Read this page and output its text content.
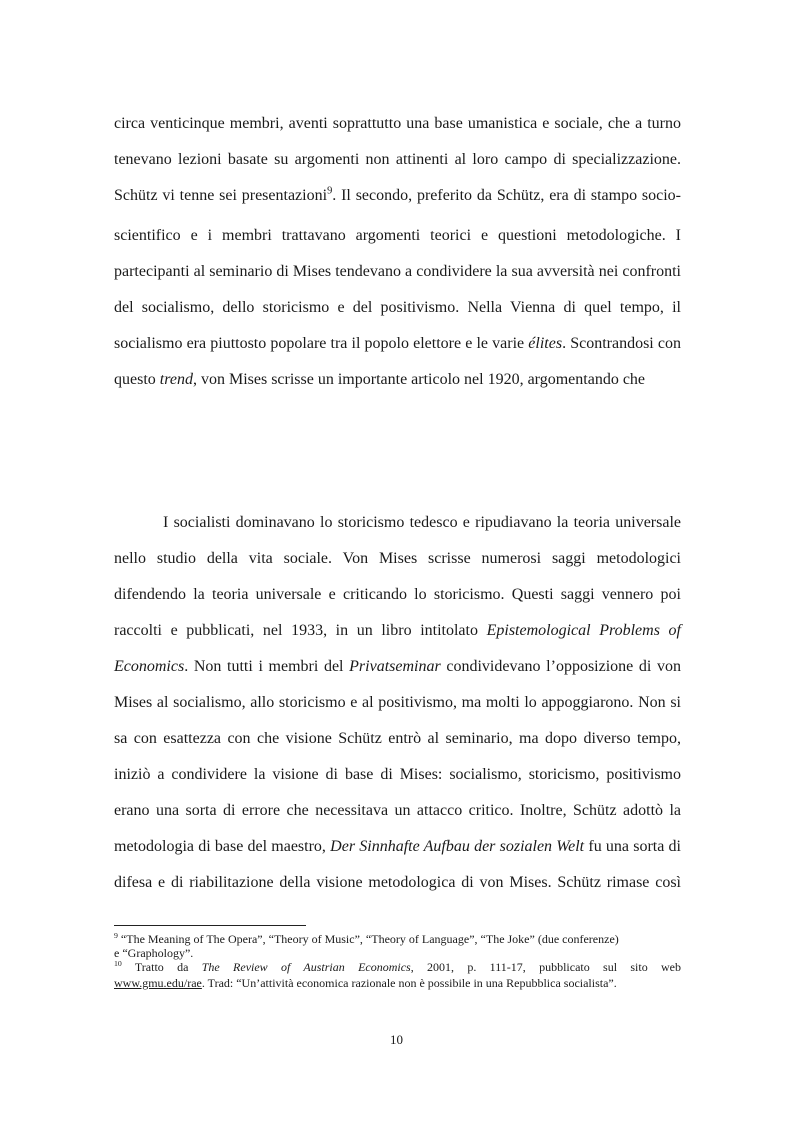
circa venticinque membri, aventi soprattutto una base umanistica e sociale, che a turno
tenevano lezioni basate su argomenti non attinenti al loro campo di specializzazione.
Schütz vi tenne sei presentazioni$^9$. Il secondo, preferito da Schütz, era di stampo socio-
scientifico e i membri trattavano argomenti teorici e questioni metodologiche. I
partecipanti al seminario di Mises tendevano a condividere la sua avversità nei confronti
del socialismo, dello storicismo e del positivismo. Nella Vienna di quel tempo, il
socialismo era piuttosto popolare tra il popolo elettore e le varie élites. Scontrandosi con
questo trend, von Mises scrisse un importante articolo nel 1920, argomentando che
I socialisti dominavano lo storicismo tedesco e ripudiavano la teoria universale
nello studio della vita sociale. Von Mises scrisse numerosi saggi metodologici
difendendo la teoria universale e criticando lo storicismo. Questi saggi vennero poi
raccolti e pubblicati, nel 1933, in un libro intitolato Epistemological Problems of
Economics. Non tutti i membri del Privatseminar condividevano l’opposizione di von
Mises al socialismo, allo storicismo e al positivismo, ma molti lo appoggiarono. Non si
sa con esattezza con che visione Schütz entrò al seminario, ma dopo diverso tempo,
iniziò a condividere la visione di base di Mises: socialismo, storicismo, positivismo
erano una sorta di errore che necessitava un attacco critico. Inoltre, Schütz adottò la
metodologia di base del maestro, Der Sinnhafte Aufbau der sozialen Welt fu una sorta di
difesa e di riabilitazione della visione metodologica di von Mises. Schütz rimase così
$^9$ “The Meaning of The Opera”, “Theory of Music”, “Theory of Language”, “The Joke” (due conferenze)
e “Graphology”.
$^{10}$ Tratto da The Review of Austrian Economics, 2001, p. 111-17, pubblicato sul sito web
www.gmu.edu/rae. Trad: “Un’attività economica razionale non è possibile in una Repubblica socialista”.
10
